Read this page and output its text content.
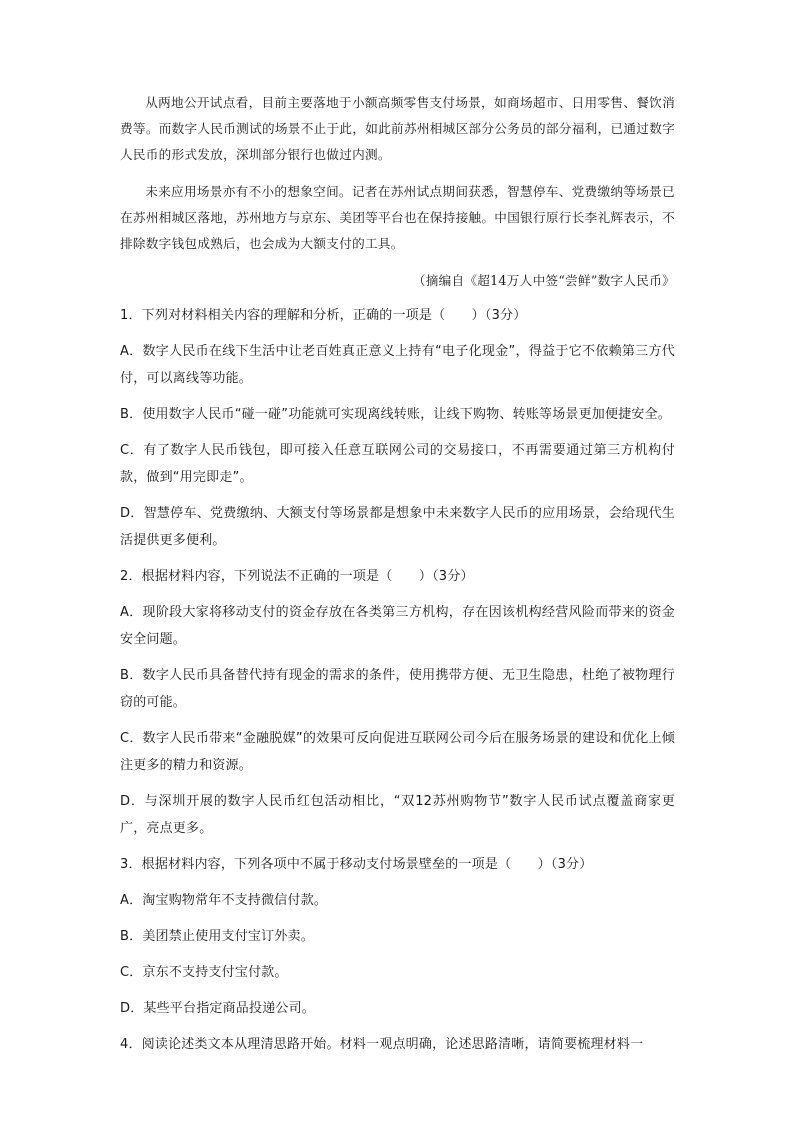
从两地公开试点看，目前主要落地于小额高频零售支付场景，如商场超市、日用零售、餐饮消费等。而数字人民币测试的场景不止于此，如此前苏州相城区部分公务员的部分福利，已通过数字人民币的形式发放，深圳部分银行也做过内测。

未来应用场景亦有不小的想象空间。记者在苏州试点期间获悉，智慧停车、党费缴纳等场景已在苏州相城区落地，苏州地方与京东、美团等平台也在保持接触。中国银行原行长李礼辉表示，不排除数字钱包成熟后，也会成为大额支付的工具。

（摘编自《超14万人中签“尝鲜”数字人民币》

1．下列对材料相关内容的理解和分析，正确的一项是（　　）（3分）

A．数字人民币在线下生活中让老百姓真正意义上持有“电子化现金”，得益于它不依赖第三方代付，可以离线等功能。

B．使用数字人民币“碰一碰”功能就可实现离线转账，让线下购物、转账等场景更加便捷安全。

C．有了数字人民币钱包，即可接入任意互联网公司的交易接口，不再需要通过第三方机构付款，做到“用完即走”。

D．智慧停车、党费缴纳、大额支付等场景都是想象中未来数字人民币的应用场景，会给现代生活提供更多便利。

2．根据材料内容，下列说法不正确的一项是（　　）（3分）

A．现阶段大家将移动支付的资金存放在各类第三方机构，存在因该机构经营风险而带来的资金安全问题。

B．数字人民币具备替代持有现金的需求的条件，使用携带方便、无卫生隐患，杜绝了被物理行窃的可能。

C．数字人民币带来“金融脱媒”的效果可反向促进互联网公司今后在服务场景的建设和优化上倾注更多的精力和资源。

D．与深圳开展的数字人民币红包活动相比，“双12苏州购物节”数字人民币试点覆盖商家更广，亮点更多。

3．根据材料内容，下列各项中不属于移动支付场景壁垒的一项是（　　）（3分）

A．淘宝购物常年不支持微信付款。

B．美团禁止使用支付宝订外卖。

C．京东不支持支付宝付款。

D．某些平台指定商品投递公司。

4．阅读论述类文本从理清思路开始。材料一观点明确，论述思路清晰，请简要梳理材料一
